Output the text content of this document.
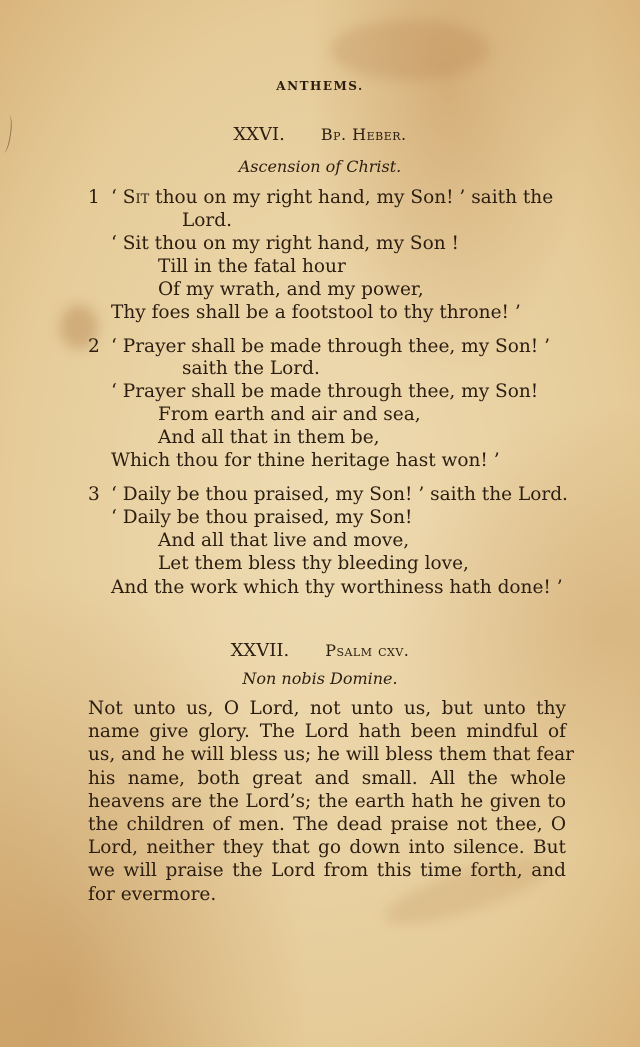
ANTHEMS.
XXVI. Bp. Heber.
Ascension of Christ.
1 ‘ Sit thou on my right hand, my Son! ’ saith the
Lord.
‘ Sit thou on my right hand, my Son !
Till in the fatal hour
Of my wrath, and my power,
Thy foes shall be a footstool to thy throne! ’
2 ‘ Prayer shall be made through thee, my Son! ’
saith the Lord.
‘ Prayer shall be made through thee, my Son!
From earth and air and sea,
And all that in them be,
Which thou for thine heritage hast won! ’
3 ‘ Daily be thou praised, my Son! ’ saith the Lord.
‘ Daily be thou praised, my Son!
And all that live and move,
Let them bless thy bleeding love,
And the work which thy worthiness hath done! ’
XXVII. Psalm cxv.
Non nobis Domine.
Not unto us, O Lord, not unto us, but unto thy
name give glory. The Lord hath been mindful of
us, and he will bless us; he will bless them that fear
his name, both great and small. All the whole
heavens are the Lord’s; the earth hath he given to
the children of men. The dead praise not thee, O
Lord, neither they that go down into silence. But
we will praise the Lord from this time forth, and
for evermore.
